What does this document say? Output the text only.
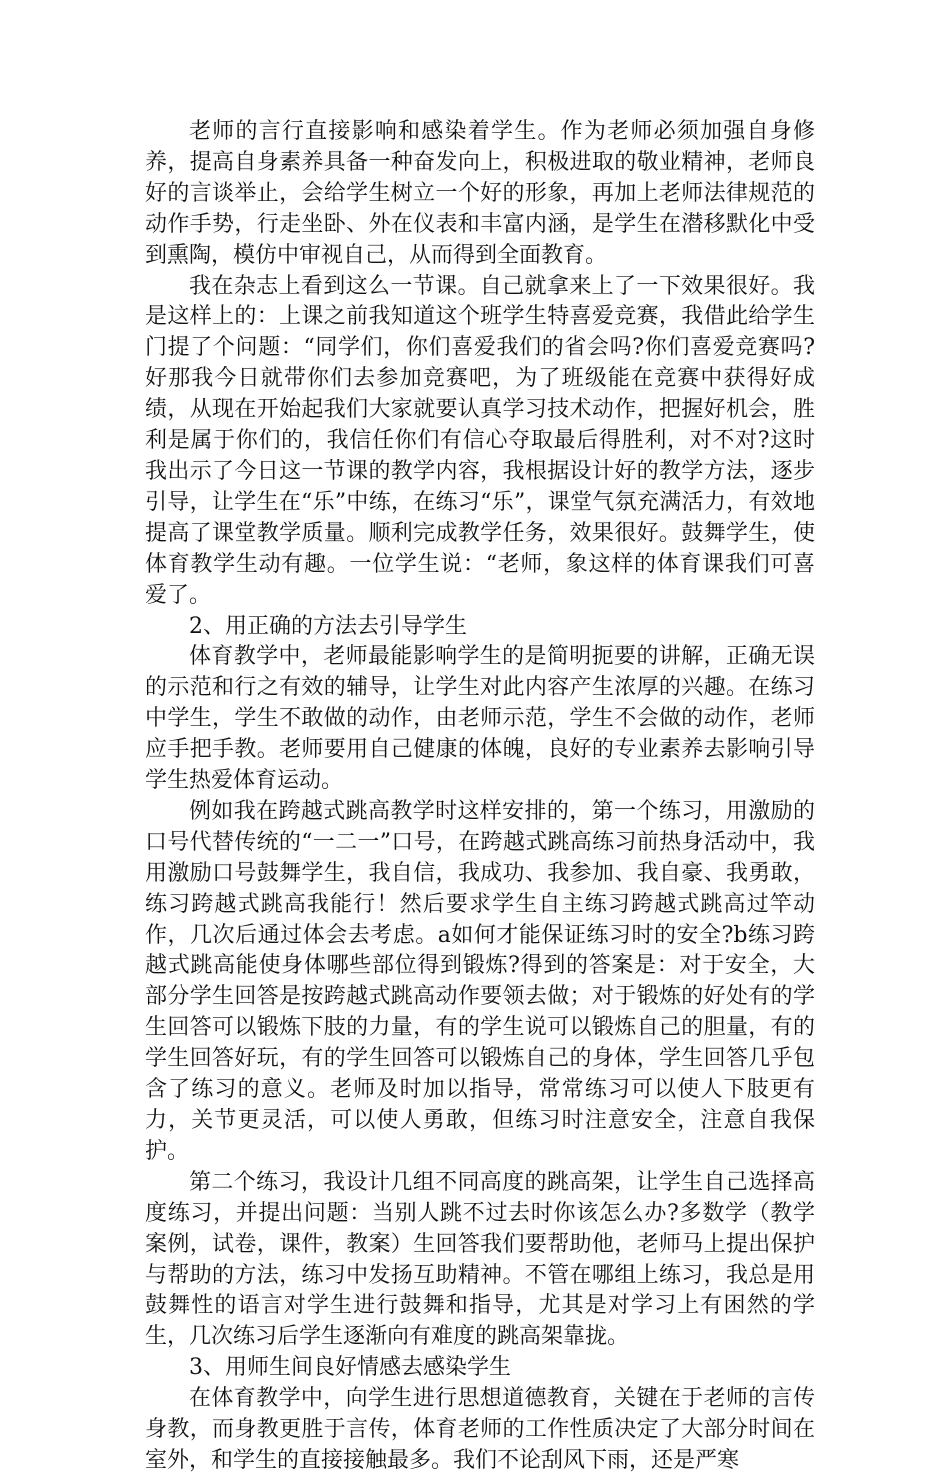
老师的言行直接影响和感染着学生。作为老师必须加强自身修养，提高自身素养具备一种奋发向上，积极进取的敬业精神，老师良好的言谈举止，会给学生树立一个好的形象，再加上老师法律规范的动作手势，行走坐卧、外在仪表和丰富内涵，是学生在潜移默化中受到熏陶，模仿中审视自己，从而得到全面教育。

我在杂志上看到这么一节课。自己就拿来上了一下效果很好。我是这样上的：上课之前我知道这个班学生特喜爱竞赛，我借此给学生门提了个问题：“同学们，你们喜爱我们的省会吗?你们喜爱竞赛吗?好那我今日就带你们去参加竞赛吧，为了班级能在竞赛中获得好成绩，从现在开始起我们大家就要认真学习技术动作，把握好机会，胜利是属于你们的，我信任你们有信心夺取最后得胜利，对不对?这时我出示了今日这一节课的教学内容，我根据设计好的教学方法，逐步引导，让学生在“乐”中练，在练习“乐”，课堂气氛充满活力，有效地提高了课堂教学质量。顺利完成教学任务，效果很好。鼓舞学生，使体育教学生动有趣。一位学生说：“老师，象这样的体育课我们可喜爱了。

2、用正确的方法去引导学生

体育教学中，老师最能影响学生的是简明扼要的讲解，正确无误的示范和行之有效的辅导，让学生对此内容产生浓厚的兴趣。在练习中学生，学生不敢做的动作，由老师示范，学生不会做的动作，老师应手把手教。老师要用自己健康的体魄，良好的专业素养去影响引导学生热爱体育运动。

例如我在跨越式跳高教学时这样安排的，第一个练习，用激励的口号代替传统的“一二一”口号，在跨越式跳高练习前热身活动中，我用激励口号鼓舞学生，我自信，我成功、我参加、我自豪、我勇敢，练习跨越式跳高我能行！然后要求学生自主练习跨越式跳高过竿动作，几次后通过体会去考虑。a如何才能保证练习时的安全?b练习跨越式跳高能使身体哪些部位得到锻炼?得到的答案是：对于安全，大部分学生回答是按跨越式跳高动作要领去做；对于锻炼的好处有的学生回答可以锻炼下肢的力量，有的学生说可以锻炼自己的胆量，有的学生回答好玩，有的学生回答可以锻炼自己的身体，学生回答几乎包含了练习的意义。老师及时加以指导，常常练习可以使人下肢更有力，关节更灵活，可以使人勇敢，但练习时注意安全，注意自我保护。

第二个练习，我设计几组不同高度的跳高架，让学生自己选择高度练习，并提出问题：当别人跳不过去时你该怎么办?多数学（教学案例，试卷，课件，教案）生回答我们要帮助他，老师马上提出保护与帮助的方法，练习中发扬互助精神。不管在哪组上练习，我总是用鼓舞性的语言对学生进行鼓舞和指导，尤其是对学习上有困然的学生，几次练习后学生逐渐向有难度的跳高架靠拢。

3、用师生间良好情感去感染学生

在体育教学中，向学生进行思想道德教育，关键在于老师的言传身教，而身教更胜于言传，体育老师的工作性质决定了大部分时间在室外，和学生的直接接触最多。我们不论刮风下雨，还是严寒
